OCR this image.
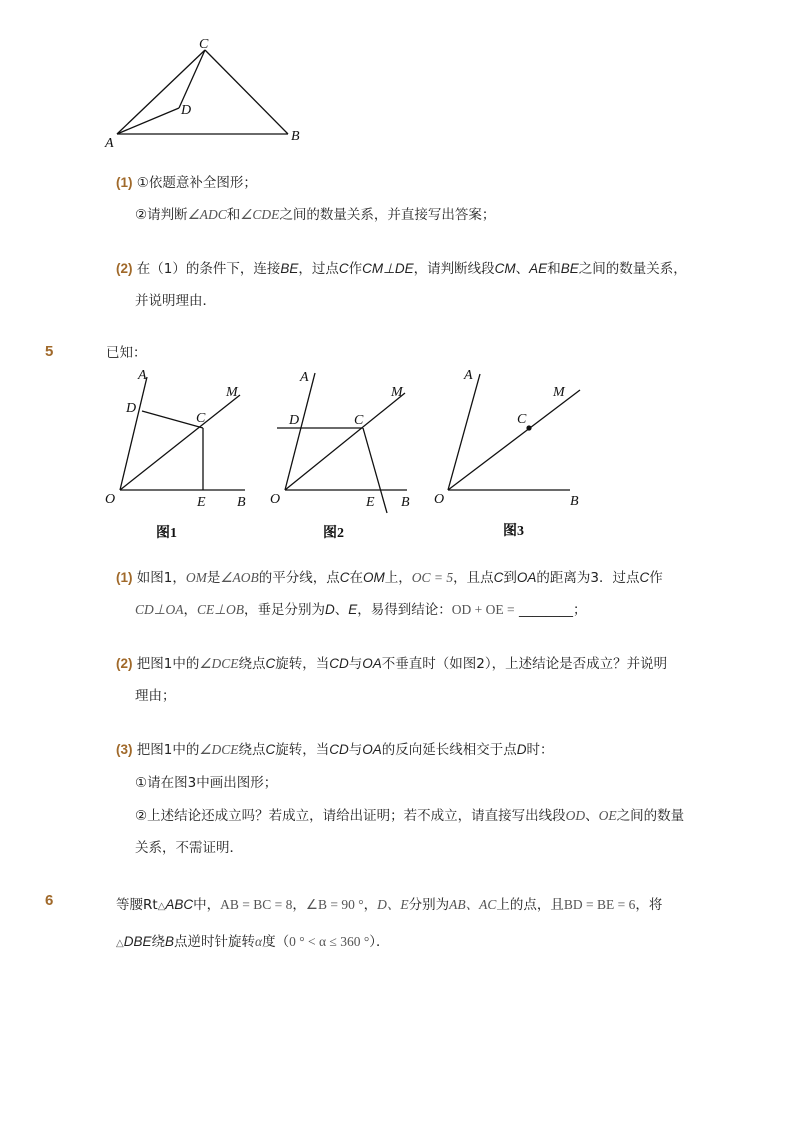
C
D
A	B
(1) ①依题意补全图形；
②请判断∠ADC和∠CDE之间的数量关系，并直接写出答案；
(2) 在（1）的条件下，连接BE，过点C作CM⊥DE，请判断线段CM、AE和BE之间的数量关系，
并说明理由．
5	已知：
A
M
D
C
O	E B
图1
A
M
D	C
O	E B
图2
A
M
C
O	B
图3
(1) 如图1，OM是∠AOB的平分线，点C在OM上，OC = 5，且点C到OA的距离为3．过点C作
CD⊥OA，CE⊥OB，垂足分别为D、E，易得到结论：OD + OE = ________；
(2) 把图1中的∠DCE绕点C旋转，当CD与OA不垂直时（如图2），上述结论是否成立？并说明
理由；
(3) 把图1中的∠DCE绕点C旋转，当CD与OA的反向延长线相交于点D时：
①请在图3中画出图形；
②上述结论还成立吗？若成立，请给出证明；若不成立，请直接写出线段OD、OE之间的数量
关系，不需证明．
6	等腰Rt△ABC中，AB = BC = 8，∠B = 90 °，D、E分别为AB、AC上的点，且BD = BE = 6，将
△DBE绕B点逆时针旋转α度（0 ° < α ≤ 360 °）．
